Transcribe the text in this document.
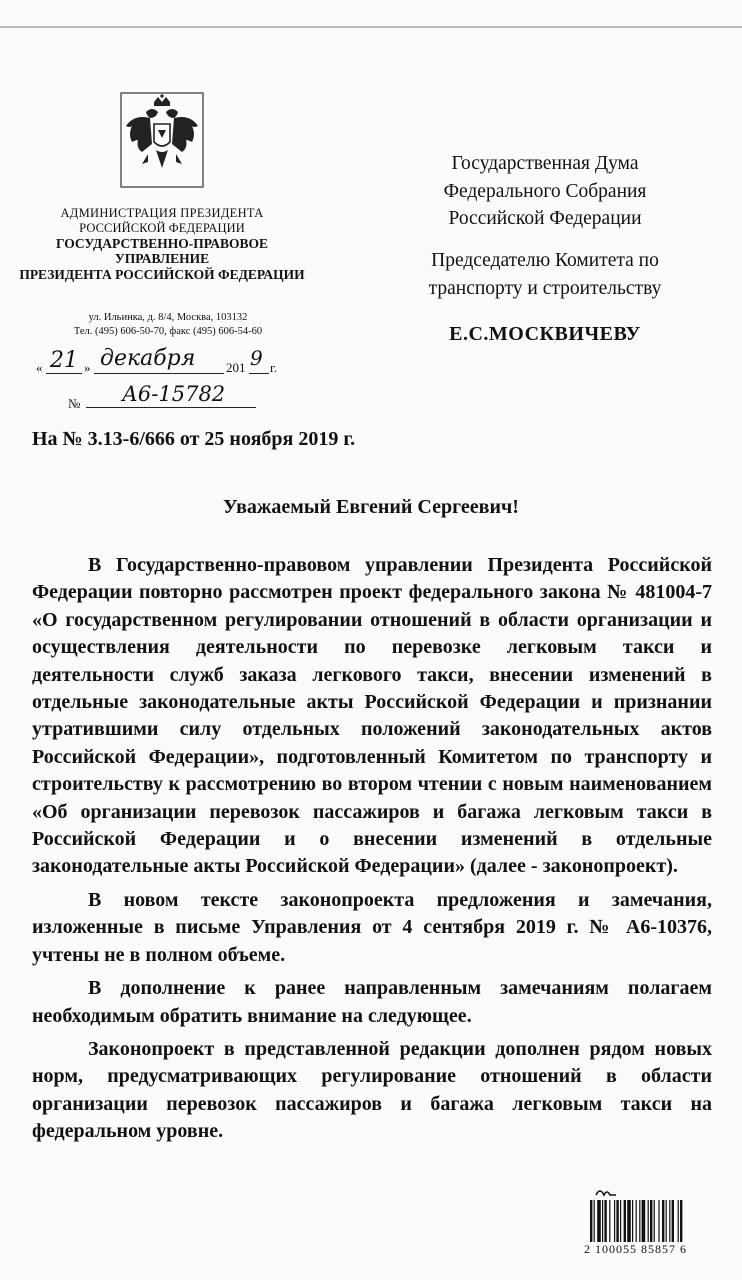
АДМИНИСТРАЦИЯ ПРЕЗИДЕНТА
РОССИЙСКОЙ ФЕДЕРАЦИИ
ГОСУДАРСТВЕННО-ПРАВОВОЕ
УПРАВЛЕНИЕ
ПРЕЗИДЕНТА РОССИЙСКОЙ ФЕДЕРАЦИИ
ул. Ильинка, д. 8/4, Москва, 103132
Тел. (495) 606-50-70, факс (495) 606-54-60
« 21 » декабря 201 9 г.
№ А6-15782
Государственная Дума
Федерального Собрания
Российской Федерации
Председателю Комитета по
транспорту и строительству
Е.С.МОСКВИЧЕВУ
На № 3.13-6/666 от 25 ноября 2019 г.
Уважаемый Евгений Сергеевич!

В Государственно-правовом управлении Президента Российской Федерации повторно рассмотрен проект федерального закона № 481004-7 «О государственном регулировании отношений в области организации и осуществления деятельности по перевозке легковым такси и деятельности служб заказа легкового такси, внесении изменений в отдельные законодательные акты Российской Федерации и признании утратившими силу отдельных положений законодательных актов Российской Федерации», подготовленный Комитетом по транспорту и строительству к рассмотрению во втором чтении с новым наименованием «Об организации перевозок пассажиров и багажа легковым такси в Российской Федерации и о внесении изменений в отдельные законодательные акты Российской Федерации» (далее - законопроект).

В новом тексте законопроекта предложения и замечания, изложенные в письме Управления от 4 сентября 2019 г. № А6-10376, учтены не в полном объеме.

В дополнение к ранее направленным замечаниям полагаем необходимым обратить внимание на следующее.

Законопроект в представленной редакции дополнен рядом новых норм, предусматривающих регулирование отношений в области организации перевозок пассажиров и багажа легковым такси на федеральном уровне.

2 100055 85857 6
